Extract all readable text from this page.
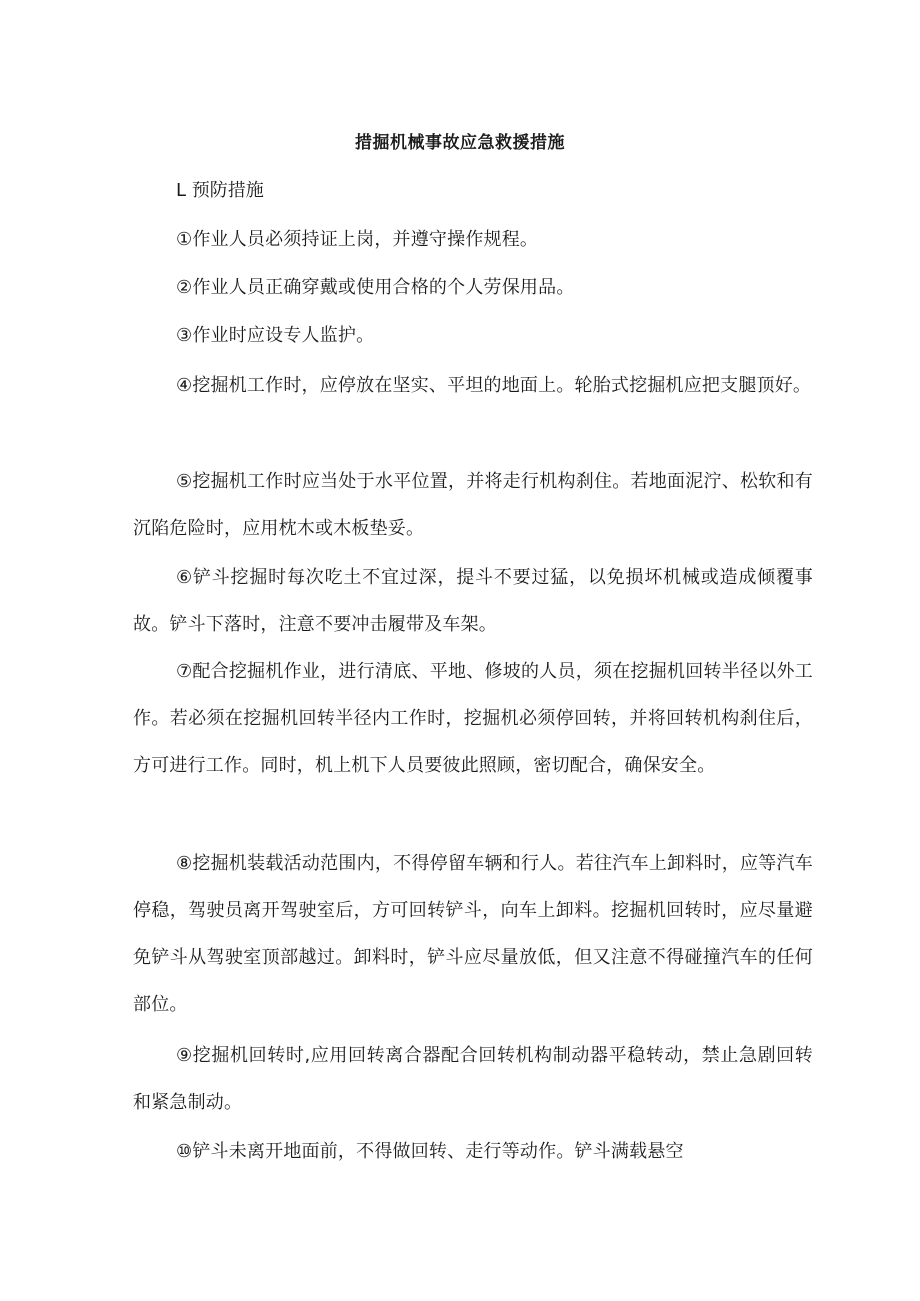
措掘机械事故应急救援措施

L 预防措施

①作业人员必须持证上岗，并遵守操作规程。

②作业人员正确穿戴或使用合格的个人劳保用品。

③作业时应设专人监护。

④挖掘机工作时，应停放在坚实、平坦的地面上。轮胎式挖掘机应把支腿顶好。

⑤挖掘机工作时应当处于水平位置，并将走行机构刹住。若地面泥泞、松软和有沉陷危险时，应用枕木或木板垫妥。

⑥铲斗挖掘时每次吃土不宜过深，提斗不要过猛，以免损坏机械或造成倾覆事故。铲斗下落时，注意不要冲击履带及车架。

⑦配合挖掘机作业，进行清底、平地、修坡的人员，须在挖掘机回转半径以外工作。若必须在挖掘机回转半径内工作时，挖掘机必须停回转，并将回转机构刹住后，方可进行工作。同时，机上机下人员要彼此照顾，密切配合，确保安全。

⑧挖掘机装载活动范围内，不得停留车辆和行人。若往汽车上卸料时，应等汽车停稳，驾驶员离开驾驶室后，方可回转铲斗，向车上卸料。挖掘机回转时，应尽量避免铲斗从驾驶室顶部越过。卸料时，铲斗应尽量放低，但又注意不得碰撞汽车的任何部位。

⑨挖掘机回转时,应用回转离合器配合回转机构制动器平稳转动，禁止急剧回转和紧急制动。

⑩铲斗未离开地面前，不得做回转、走行等动作。铲斗满载悬空
